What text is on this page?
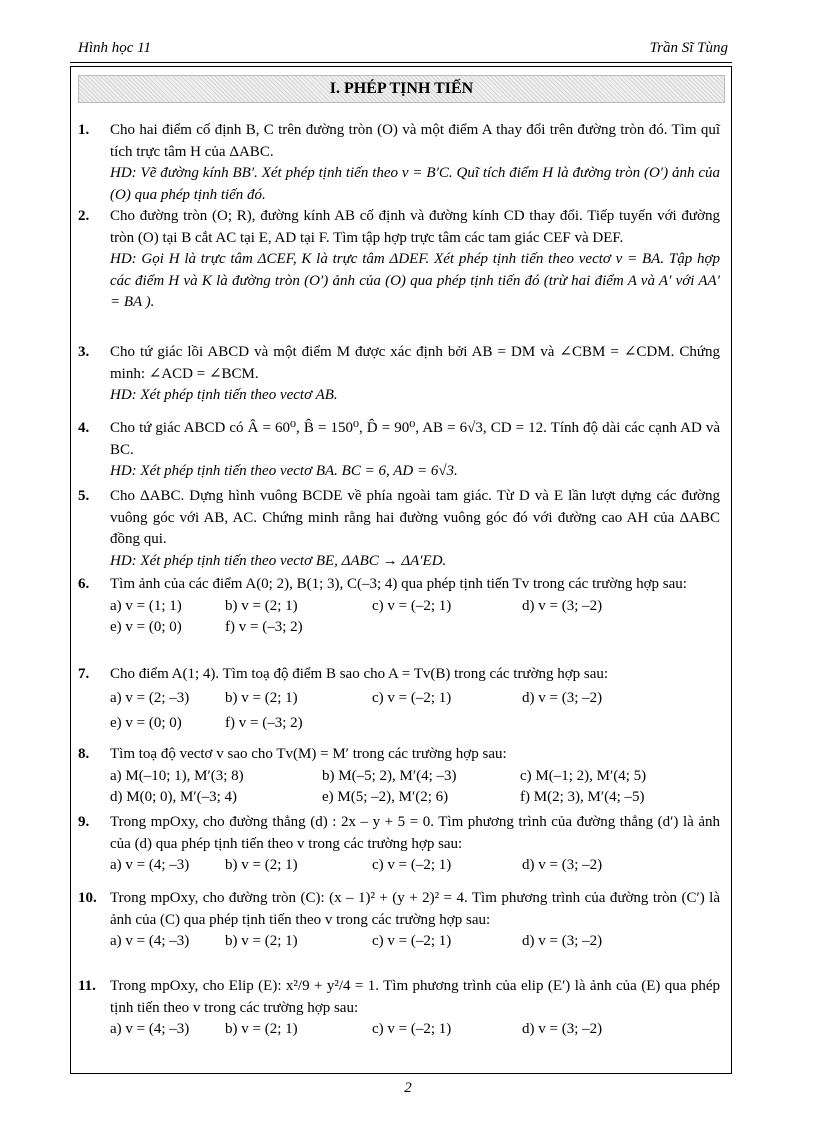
Hình học 11	Trần Sĩ Tùng
I. PHÉP TỊNH TIẾN
1.	Cho hai điểm cố định B, C trên đường tròn (O) và một điểm A thay đổi trên đường tròn đó. Tìm quĩ tích trực tâm H của ΔABC.
HD: Vẽ đường kính BB′. Xét phép tịnh tiến theo v = B′C. Quĩ tích điểm H là đường tròn (O′) ảnh của (O) qua phép tịnh tiến đó.
2.	Cho đường tròn (O; R), đường kính AB cố định và đường kính CD thay đổi. Tiếp tuyến với đường tròn (O) tại B cắt AC tại E, AD tại F. Tìm tập hợp trực tâm các tam giác CEF và DEF.
HD: Gọi H là trực tâm ΔCEF, K là trực tâm ΔDEF. Xét phép tịnh tiến theo vectơ v = BA. Tập hợp các điểm H và K là đường tròn (O′) ảnh của (O) qua phép tịnh tiến đó (trừ hai điểm A và A′ với AA′ = BA ).
3.	Cho tứ giác lồi ABCD và một điểm M được xác định bởi AB = DM và ∠CBM = ∠CDM. Chứng minh: ∠ACD = ∠BCM.
HD: Xét phép tịnh tiến theo vectơ AB.
4.	Cho tứ giác ABCD có Â = 60⁰, B̂ = 150⁰, D̂ = 90⁰, AB = 6√3, CD = 12. Tính độ dài các cạnh AD và BC.
HD: Xét phép tịnh tiến theo vectơ BA. BC = 6, AD = 6√3.
5.	Cho ΔABC. Dựng hình vuông BCDE về phía ngoài tam giác. Từ D và E lần lượt dựng các đường vuông góc với AB, AC. Chứng minh rằng hai đường vuông góc đó với đường cao AH của ΔABC đồng qui.
HD: Xét phép tịnh tiến theo vectơ BE, ΔABC → ΔA′ED.
6.	Tìm ảnh của các điểm A(0; 2), B(1; 3), C(–3; 4) qua phép tịnh tiến Tv trong các trường hợp sau:
a) v = (1; 1)	b) v = (2; 1)	c) v = (–2; 1)	d) v = (3; –2)
e) v = (0; 0)	f) v = (–3; 2)
7.	Cho điểm A(1; 4). Tìm toạ độ điểm B sao cho A = Tv(B) trong các trường hợp sau:
a) v = (2; –3)	b) v = (2; 1)	c) v = (–2; 1)	d) v = (3; –2)
e) v = (0; 0)	f) v = (–3; 2)
8.	Tìm toạ độ vectơ v sao cho Tv(M) = M′ trong các trường hợp sau:
a) M(–10; 1), M′(3; 8)	b) M(–5; 2), M′(4; –3)	c) M(–1; 2), M′(4; 5)
d) M(0; 0), M′(–3; 4)	e) M(5; –2), M′(2; 6)	f) M(2; 3), M′(4; –5)
9.	Trong mpOxy, cho đường thẳng (d) : 2x – y + 5 = 0. Tìm phương trình của đường thẳng (d′) là ảnh của (d) qua phép tịnh tiến theo v trong các trường hợp sau:
a) v = (4; –3)	b) v = (2; 1)	c) v = (–2; 1)	d) v = (3; –2)
10. Trong mpOxy, cho đường tròn (C): (x – 1)² + (y + 2)² = 4. Tìm phương trình của đường tròn (C′) là ảnh của (C) qua phép tịnh tiến theo v trong các trường hợp sau:
a) v = (4; –3)	b) v = (2; 1)	c) v = (–2; 1)	d) v = (3; –2)
11. Trong mpOxy, cho Elip (E): x²/9 + y²/4 = 1. Tìm phương trình của elip (E′) là ảnh của (E) qua phép tịnh tiến theo v trong các trường hợp sau:
a) v = (4; –3)	b) v = (2; 1)	c) v = (–2; 1)	d) v = (3; –2)
2
